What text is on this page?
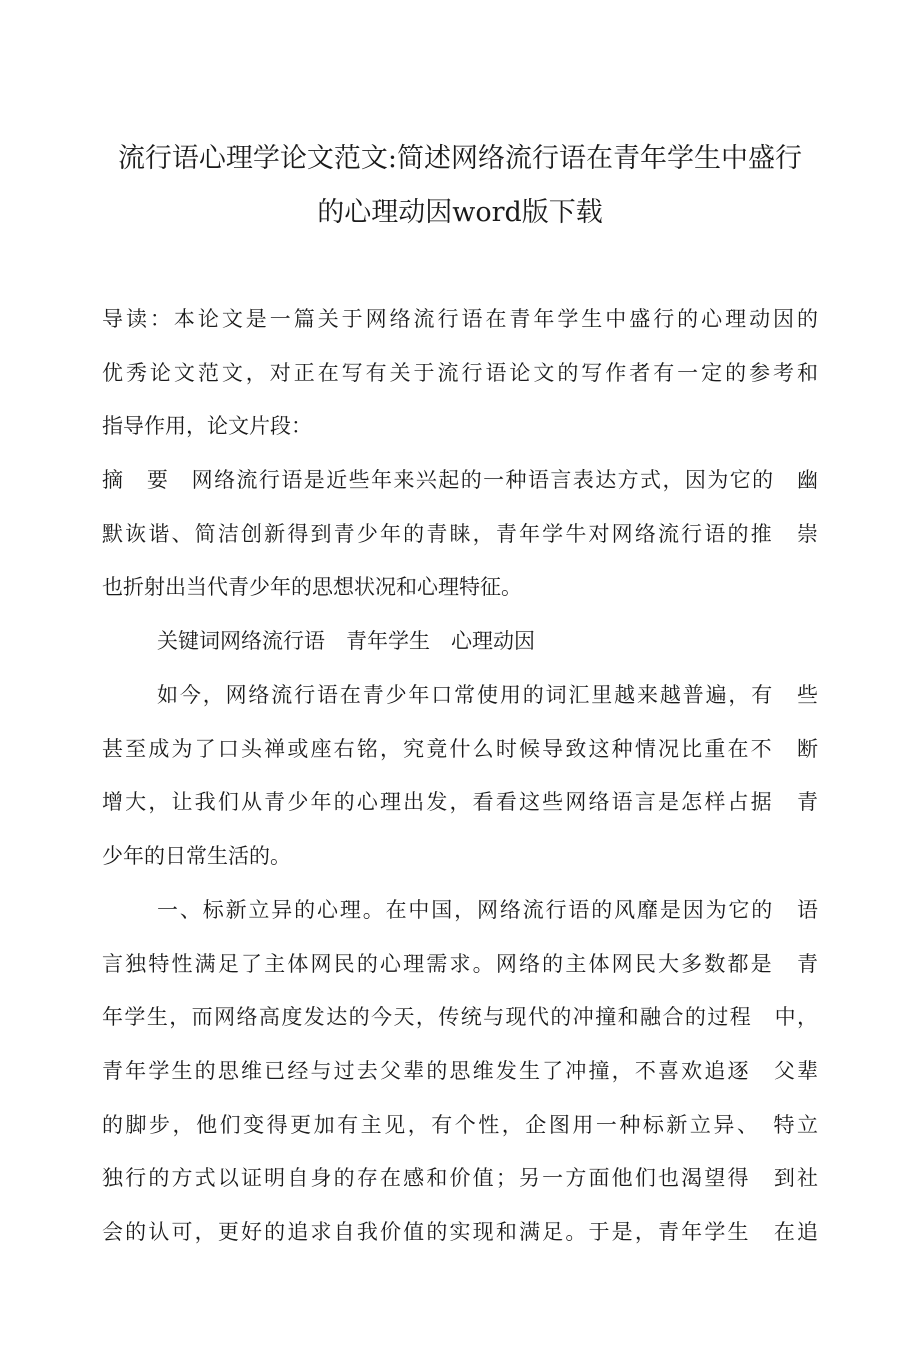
流行语心理学论文范文:简述网络流行语在青年学生中盛行
的心理动因word版下载
导读：本论文是一篇关于网络流行语在青年学生中盛行的心理动因的
优秀论文范文，对正在写有关于流行语论文的写作者有一定的参考和
指导作用，论文片段：
摘　要　网络流行语是近些年来兴起的一种语言表达方式，因为它的　幽
默诙谐、简洁创新得到青少年的青睐，青年学牛对网络流行语的推　崇
也折射出当代青少年的思想状况和心理特征。
关键词网络流行语　青年学生　心理动因
如今，网络流行语在青少年口常使用的词汇里越来越普遍，有　些
甚至成为了口头禅或座右铭，究竟什么时候导致这种情况比重在不　断
增大，让我们从青少年的心理出发，看看这些网络语言是怎样占据　青
少年的日常生活的。
一、标新立异的心理。在中国，网络流行语的风靡是因为它的　语
言独特性满足了主体网民的心理需求。网络的主体网民大多数都是　青
年学生，而网络高度发达的今天，传统与现代的冲撞和融合的过程　中，
青年学生的思维已经与过去父辈的思维发生了冲撞，不喜欢追逐　父辈
的脚步，他们变得更加有主见，有个性，企图用一种标新立异、　特立
独行的方式以证明自身的存在感和价值；另一方面他们也渴望得　到社
会的认可，更好的追求自我价值的实现和满足。于是，青年学生　在追
